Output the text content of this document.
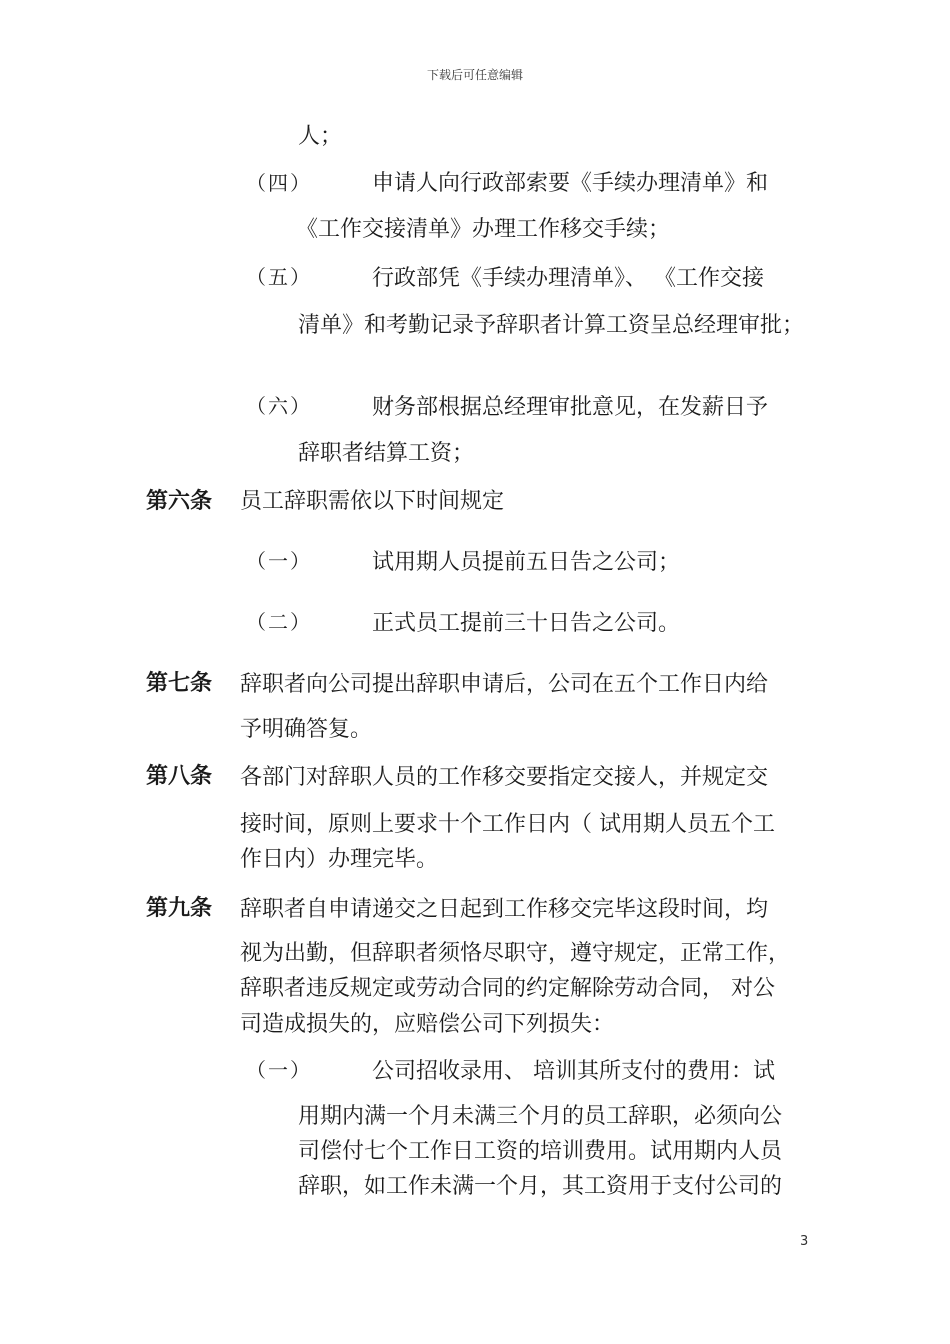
下载后可任意编辑
人；
（四）	申请人向行政部索要《手续办理清单》和
《工作交接清单》办理工作移交手续；
（五）	行政部凭《手续办理清单》、 《工作交接
清单》和考勤记录予辞职者计算工资呈总经理审批；
（六）	财务部根据总经理审批意见，在发薪日予
辞职者结算工资；
第六条 员工辞职需依以下时间规定
（一）	试用期人员提前五日告之公司；
（二）	正式员工提前三十日告之公司。
第七条 辞职者向公司提出辞职申请后，公司在五个工作日内给
予明确答复。
第八条 各部门对辞职人员的工作移交要指定交接人，并规定交
接时间，原则上要求十个工作日内（ 试用期人员五个工
作日内）办理完毕。
第九条 辞职者自申请递交之日起到工作移交完毕这段时间，均
视为出勤，但辞职者须恪尽职守，遵守规定，正常工作，
辞职者违反规定或劳动合同的约定解除劳动合同， 对公
司造成损失的，应赔偿公司下列损失：
（一）	公司招收录用、 培训其所支付的费用：试
用期内满一个月未满三个月的员工辞职，必须向公
司偿付七个工作日工资的培训费用。试用期内人员
辞职，如工作未满一个月，其工资用于支付公司的
3
